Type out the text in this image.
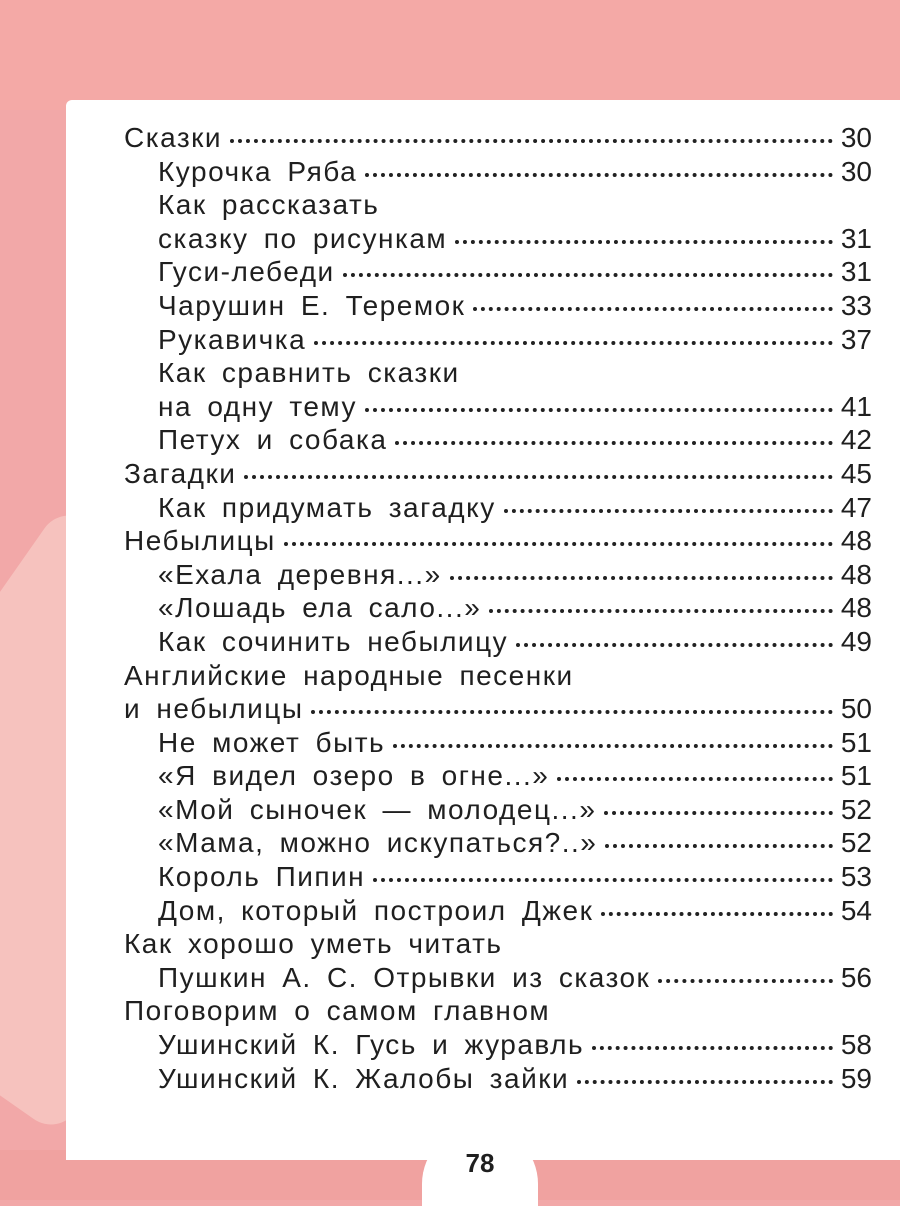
Сказки	30
Курочка Ряба	30
Как рассказать
сказку по рисункам	31
Гуси-лебеди	31
Чарушин Е. Теремок	33
Рукавичка	37
Как сравнить сказки
на одну тему	41
Петух и собака	42
Загадки	45
Как придумать загадку	47
Небылицы	48
«Ехала деревня...»	48
«Лошадь ела сало...»	48
Как сочинить небылицу	49
Английские народные песенки
и небылицы	50
Не может быть	51
«Я видел озеро в огне...»	51
«Мой сыночек — молодец...»	52
«Мама, можно искупаться?..»	52
Король Пипин	53
Дом, который построил Джек	54
Как хорошо уметь читать
Пушкин А. С. Отрывки из сказок	56
Поговорим о самом главном
Ушинский К. Гусь и журавль	58
Ушинский К. Жалобы зайки	59
78
